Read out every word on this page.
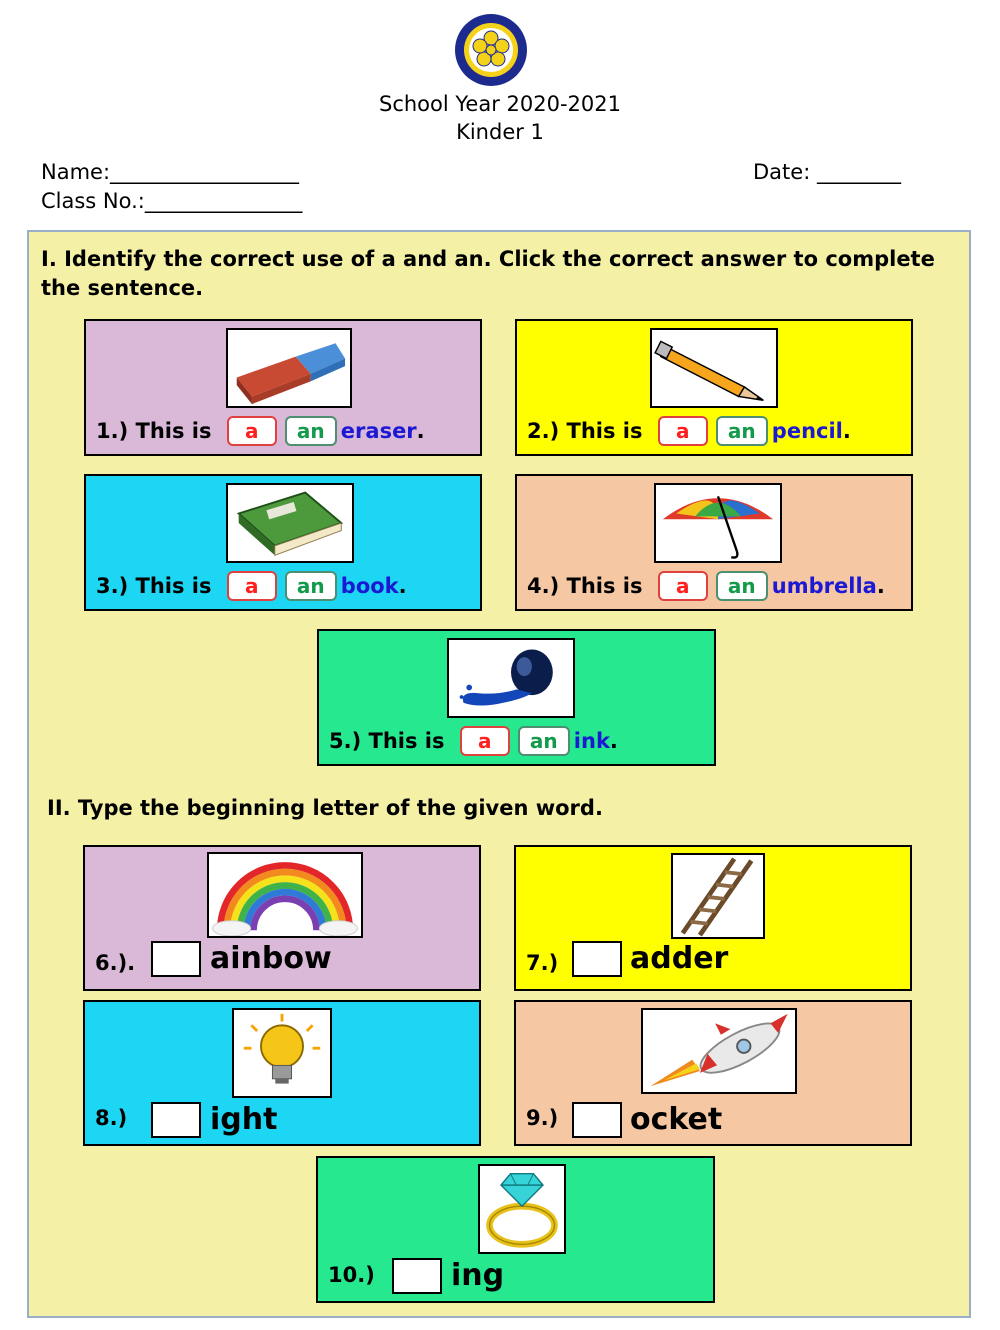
School Year 2020-2021
Kinder 1
Name:__________________	Date: ________
Class No.:_______________
I. Identify the correct use of a and an. Click the correct answer to complete the sentence.
1.) This is	a	an eraser .	2.) This is	a	an pencil .
3.) This is	a	an book .	4.) This is	a	an umbrella .
5.) This is	a	an ink .
II. Type the beginning letter of the given word.
6.). ainbow	7.) adder
8.)	ight	9.) ocket
10.)	ing
